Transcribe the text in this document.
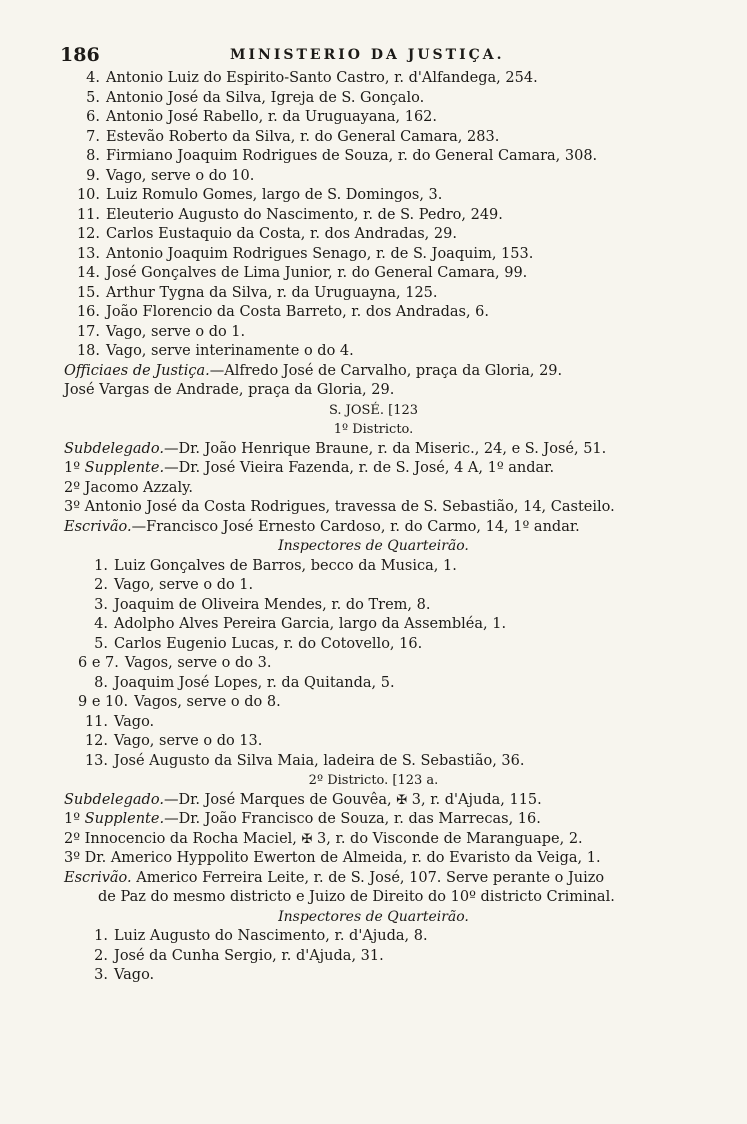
186	MINISTERIO DA JUSTIÇA.
4. Antonio Luiz do Espirito-Santo Castro, r. d'Alfandega, 254.
5. Antonio José da Silva, Igreja de S. Gonçalo.
6. Antonio José Rabello, r. da Uruguayana, 162.
7. Estevão Roberto da Silva, r. do General Camara, 283.
8. Firmiano Joaquim Rodrigues de Souza, r. do General Camara, 308.
9. Vago, serve o do 10.
10. Luiz Romulo Gomes, largo de S. Domingos, 3.
11. Eleuterio Augusto do Nascimento, r. de S. Pedro, 249.
12. Carlos Eustaquio da Costa, r. dos Andradas, 29.
13. Antonio Joaquim Rodrigues Senago, r. de S. Joaquim, 153.
14. José Gonçalves de Lima Junior, r. do General Camara, 99.
15. Arthur Tygna da Silva, r. da Uruguayna, 125.
16. João Florencio da Costa Barreto, r. dos Andradas, 6.
17. Vago, serve o do 1.
18. Vago, serve interinamente o do 4.
Officiaes de Justiça.—Alfredo José de Carvalho, praça da Gloria, 29.
José Vargas de Andrade, praça da Gloria, 29.
S. JOSÉ. [123
1º Districto.
Subdelegado.—Dr. João Henrique Braune, r. da Miseric., 24, e S. José, 51.
1º Supplente.—Dr. José Vieira Fazenda, r. de S. José, 4 A, 1º andar.
2º Jacomo Azzaly.
3º Antonio José da Costa Rodrigues, travessa de S. Sebastião, 14, Casteilo.
Escrivão.—Francisco José Ernesto Cardoso, r. do Carmo, 14, 1º andar.
Inspectores de Quarteirão.
1. Luiz Gonçalves de Barros, becco da Musica, 1.
2. Vago, serve o do 1.
3. Joaquim de Oliveira Mendes, r. do Trem, 8.
4. Adolpho Alves Pereira Garcia, largo da Assembléa, 1.
5. Carlos Eugenio Lucas, r. do Cotovello, 16.
6 e 7. Vagos, serve o do 3.
8. Joaquim José Lopes, r. da Quitanda, 5.
9 e 10. Vagos, serve o do 8.
11. Vago.
12. Vago, serve o do 13.
13. José Augusto da Silva Maia, ladeira de S. Sebastião, 36.
2º Districto. [123 a.
Subdelegado.—Dr. José Marques de Gouvêa, ✠ 3, r. d'Ajuda, 115.
1º Supplente.—Dr. João Francisco de Souza, r. das Marrecas, 16.
2º Innocencio da Rocha Maciel, ✠ 3, r. do Visconde de Maranguape, 2.
3º Dr. Americo Hyppolito Ewerton de Almeida, r. do Evaristo da Veiga, 1.
Escrivão. Americo Ferreira Leite, r. de S. José, 107. Serve perante o Juizo
de Paz do mesmo districto e Juizo de Direito do 10º districto Criminal.
Inspectores de Quarteirão.
1. Luiz Augusto do Nascimento, r. d'Ajuda, 8.
2. José da Cunha Sergio, r. d'Ajuda, 31.
3. Vago.
